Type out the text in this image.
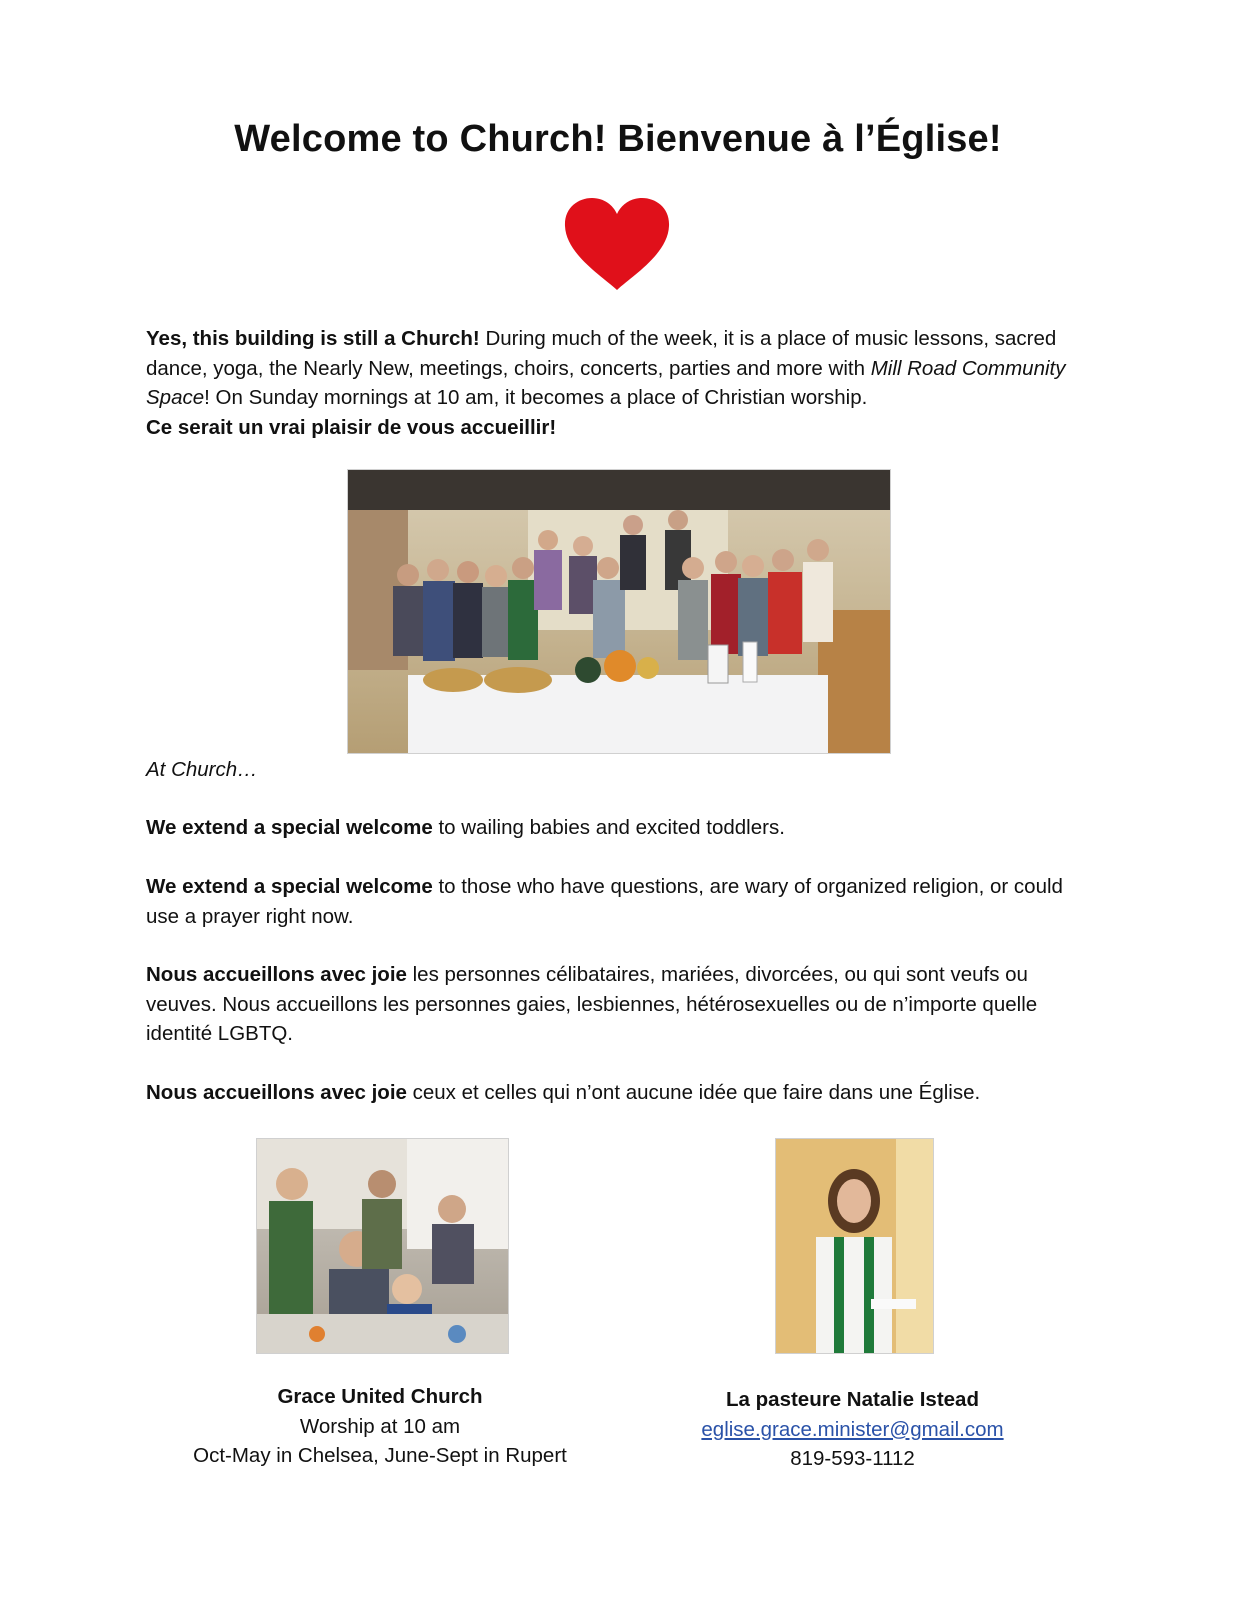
Welcome to Church! Bienvenue à l’Église!
Yes, this building is still a Church! During much of the week, it is a place of music lessons, sacred dance, yoga, the Nearly New, meetings, choirs, concerts, parties and more with Mill Road Community Space! On Sunday mornings at 10 am, it becomes a place of Christian worship.
Ce serait un vrai plaisir de vous accueillir!
At Church…
We extend a special welcome to wailing babies and excited toddlers.
We extend a special welcome to those who have questions, are wary of organized religion, or could use a prayer right now.
Nous accueillons avec joie les personnes célibataires, mariées, divorcées, ou qui sont veufs ou veuves. Nous accueillons les personnes gaies, lesbiennes, hétérosexuelles ou de n’importe quelle identité LGBTQ.
Nous accueillons avec joie ceux et celles qui n’ont aucune idée que faire dans une Église.
Grace United Church
Worship at 10 am
Oct-May in Chelsea, June-Sept in Rupert
La pasteure Natalie Istead
eglise.grace.minister@gmail.com
819-593-1112
